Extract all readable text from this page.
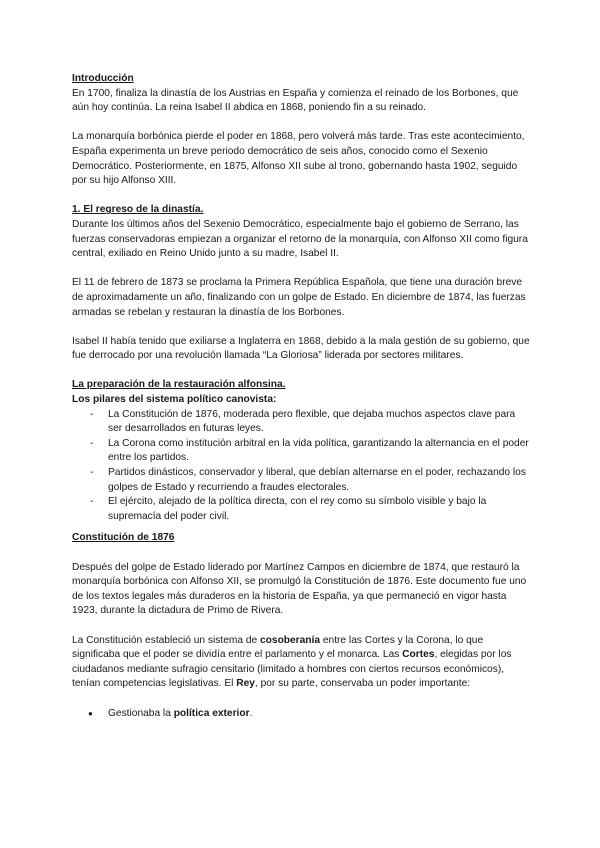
Introducción

En 1700, finaliza la dinastía de los Austrias en España y comienza el reinado de los Borbones, que aún hoy continúa. La reina Isabel II abdica en 1868, poniendo fin a su reinado.

La monarquía borbónica pierde el poder en 1868, pero volverá más tarde. Tras este acontecimiento, España experimenta un breve periodo democrático de seis años, conocido como el Sexenio Democrático. Posteriormente, en 1875, Alfonso XII sube al trono, gobernando hasta 1902, seguido por su hijo Alfonso XIII.

1. El regreso de la dinastía.

Durante los últimos años del Sexenio Democrático, especialmente bajo el gobierno de Serrano, las fuerzas conservadoras empiezan a organizar el retorno de la monarquía, con Alfonso XII como figura central, exiliado en Reino Unido junto a su madre, Isabel II.

El 11 de febrero de 1873 se proclama la Primera República Española, que tiene una duración breve de aproximadamente un año, finalizando con un golpe de Estado. En diciembre de 1874, las fuerzas armadas se rebelan y restauran la dinastía de los Borbones.

Isabel II había tenido que exiliarse a Inglaterra en 1868, debido a la mala gestión de su gobierno, que fue derrocado por una revolución llamada “La Gloriosa” liderada por sectores militares.

La preparación de la restauración alfonsina.

Los pilares del sistema político canovista:

- La Constitución de 1876, moderada pero flexible, que dejaba muchos aspectos clave para ser desarrollados en futuras leyes.
- La Corona como institución arbitral en la vida política, garantizando la alternancia en el poder entre los partidos.
- Partidos dinásticos, conservador y liberal, que debían alternarse en el poder, rechazando los golpes de Estado y recurriendo a fraudes electorales.
- El ejército, alejado de la política directa, con el rey como su símbolo visible y bajo la supremacía del poder civil.

Constitución de 1876

Después del golpe de Estado liderado por Martínez Campos en diciembre de 1874, que restauró la monarquía borbónica con Alfonso XII, se promulgó la Constitución de 1876. Este documento fue uno de los textos legales más duraderos en la historia de España, ya que permaneció en vigor hasta 1923, durante la dictadura de Primo de Rivera.

La Constitución estableció un sistema de cosoberanía entre las Cortes y la Corona, lo que significaba que el poder se dividía entre el parlamento y el monarca. Las Cortes, elegidas por los ciudadanos mediante sufragio censitario (limitado a hombres con ciertos recursos económicos), tenían competencias legislativas. El Rey, por su parte, conservaba un poder importante:

● Gestionaba la política exterior.
